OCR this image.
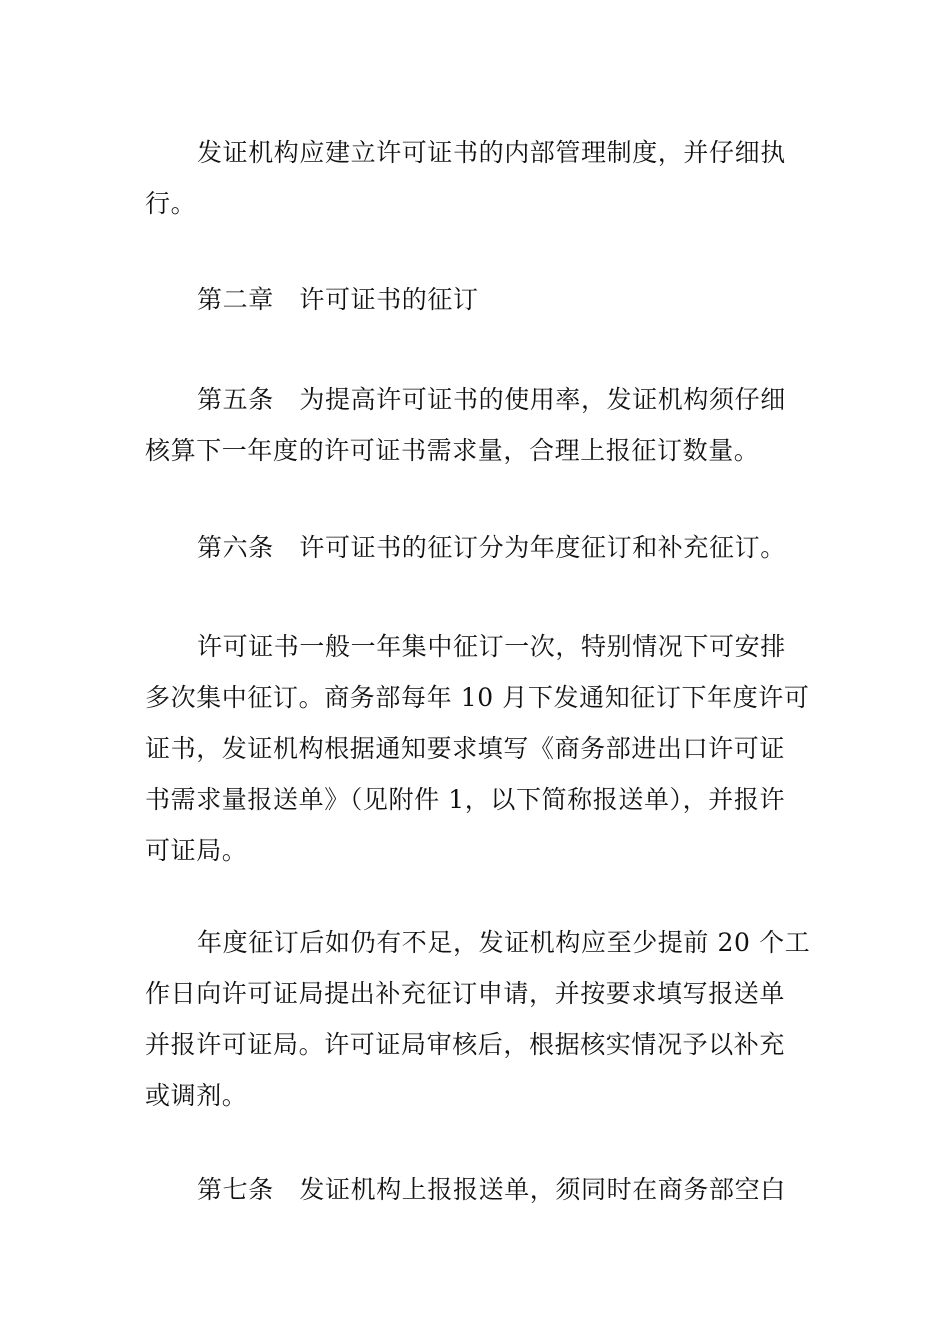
发证机构应建立许可证书的内部管理制度，并仔细执
行。

第二章　许可证书的征订

第五条　为提高许可证书的使用率，发证机构须仔细
核算下一年度的许可证书需求量，合理上报征订数量。

第六条　许可证书的征订分为年度征订和补充征订。

许可证书一般一年集中征订一次，特别情况下可安排
多次集中征订。商务部每年 10 月下发通知征订下年度许可
证书，发证机构根据通知要求填写《商务部进出口许可证
书需求量报送单》（见附件 1，以下简称报送单），并报许
可证局。

年度征订后如仍有不足，发证机构应至少提前 20 个工
作日向许可证局提出补充征订申请，并按要求填写报送单
并报许可证局。许可证局审核后，根据核实情况予以补充
或调剂。

第七条　发证机构上报报送单，须同时在商务部空白
